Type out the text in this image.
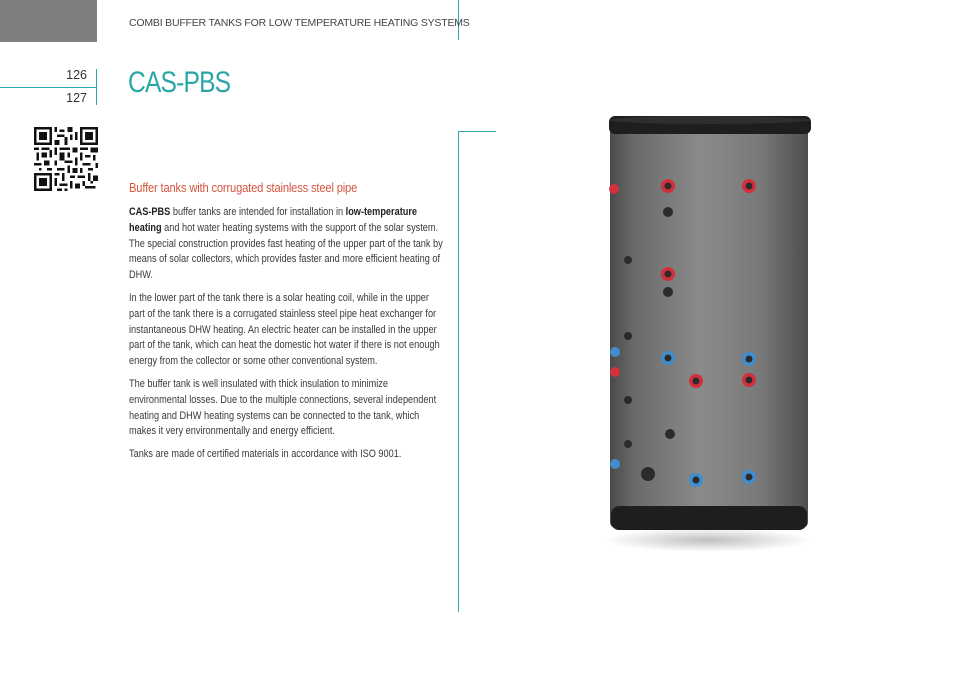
COMBI BUFFER TANKS FOR LOW TEMPERATURE HEATING SYSTEMS
126
127 CAS-PBS
Buffer tanks with corrugated stainless steel pipe

CAS-PBS buffer tanks are intended for installation in low-temperature heating and hot water heating systems with the support of the solar system. The special construction provides fast heating of the upper part of the tank by means of solar collectors, which provides faster and more efficient heating of DHW.

In the lower part of the tank there is a solar heating coil, while in the upper part of the tank there is a corrugated stainless steel pipe heat exchanger for instantaneous DHW heating. An electric heater can be installed in the upper part of the tank, which can heat the domestic hot water if there is not enough energy from the collector or some other conventional system.

The buffer tank is well insulated with thick insulation to minimize environmental losses. Due to the multiple connections, several independent heating and DHW heating systems can be connected to the tank, which makes it very environmentally and energy efficient.

Tanks are made of certified materials in accordance with ISO 9001.
